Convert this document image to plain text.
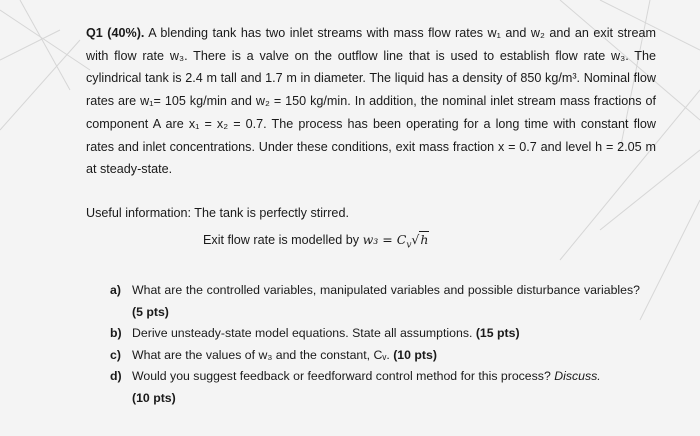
Q1 (40%). A blending tank has two inlet streams with mass flow rates w₁ and w₂ and an exit stream with flow rate w₃. There is a valve on the outflow line that is used to establish flow rate w₃. The cylindrical tank is 2.4 m tall and 1.7 m in diameter. The liquid has a density of 850 kg/m³. Nominal flow rates are w₁= 105 kg/min and w₂ = 150 kg/min. In addition, the nominal inlet stream mass fractions of component A are x₁ = x₂ = 0.7. The process has been operating for a long time with constant flow rates and inlet concentrations. Under these conditions, exit mass fraction x = 0.7 and level h = 2.05 m at steady-state.
Useful information: The tank is perfectly stirred.
Exit flow rate is modelled by $w_3 = C_v√h$
a) What are the controlled variables, manipulated variables and possible disturbance variables? (5 pts)
b) Derive unsteady-state model equations. State all assumptions. (15 pts)
c) What are the values of w₃ and the constant, Cᵥ. (10 pts)
d) Would you suggest feedback or feedforward control method for this process? Discuss.
(10 pts)
